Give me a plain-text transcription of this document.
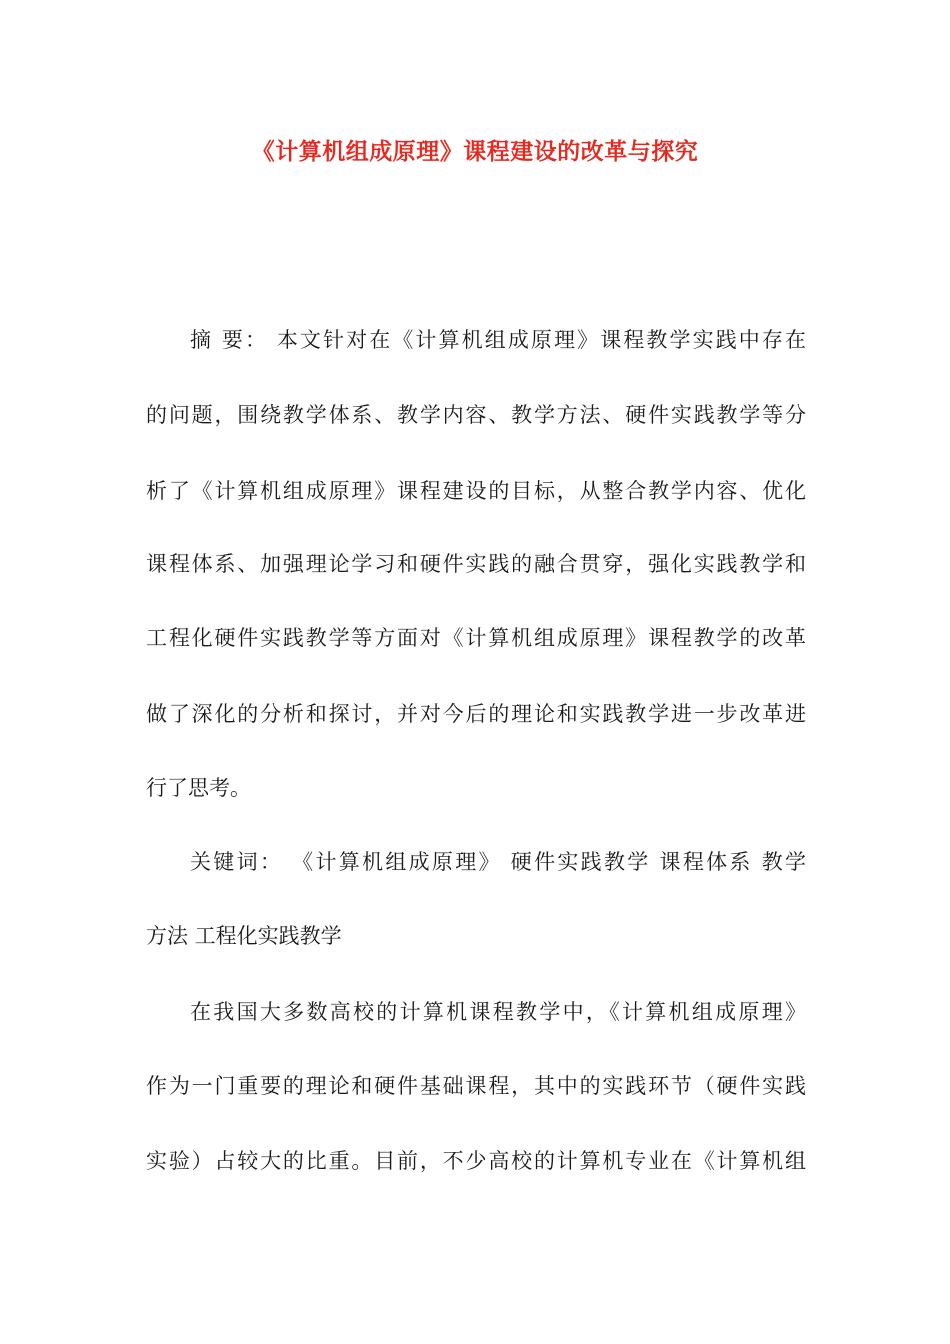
《计算机组成原理》课程建设的改革与探究
摘 要： 本文针对在《计算机组成原理》课程教学实践中存在
的问题，围绕教学体系、教学内容、教学方法、硬件实践教学等分
析了《计算机组成原理》课程建设的目标，从整合教学内容、优化
课程体系、加强理论学习和硬件实践的融合贯穿，强化实践教学和
工程化硬件实践教学等方面对《计算机组成原理》课程教学的改革
做了深化的分析和探讨，并对今后的理论和实践教学进一步改革进
行了思考。
关键词： 《计算机组成原理》 硬件实践教学 课程体系 教学
方法 工程化实践教学
在我国大多数高校的计算机课程教学中，《计算机组成原理》
作为一门重要的理论和硬件基础课程，其中的实践环节（硬件实践
实验）占较大的比重。目前，不少高校的计算机专业在《计算机组
